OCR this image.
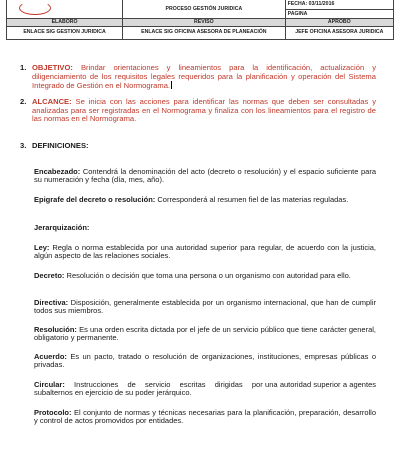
	PROCESO GESTIÓN JURIDICA	FECHA: 03/11/2016
		PAGINA
ELABORO	REVISÓ	APROBO
ENLACE SIG GESTION JURIDICA	ENLACE SIG OFICINA ASESORA DE PLANEACIÓN	JEFE OFICINA ASESORA JURIDICA
1. OBJETIVO: Brindar orientaciones y lineamientos para la identificación, actualización y diligenciamiento de los requisitos legales requeridos para la planificación y operación del Sistema Integrado de Gestión en el Normograma.

2. ALCANCE: Se inicia con las acciones para identificar las normas que deben ser consultadas y analizadas para ser registradas en el Normograma y finaliza con los lineamientos para el registro de las normas en el Normograma.

3. DEFINICIONES:

Encabezado: Contendrá la denominación del acto (decreto o resolución) y el espacio suficiente para su numeración y fecha (día, mes, año).

Epigrafe del decreto o resolución: Corresponderá al resumen fiel de las materias reguladas.

Jerarquización:

Ley: Regla o norma establecida por una autoridad superior para regular, de acuerdo con la justicia, algún aspecto de las relaciones sociales.

Decreto: Resolución o decisión que toma una persona o un organismo con autoridad para ello.

Directiva: Disposición, generalmente establecida por un organismo internacional, que han de cumplir todos sus miembros.

Resolución: Es una orden escrita dictada por el jefe de un servicio público que tiene carácter general, obligatorio y permanente.

Acuerdo: Es un pacto, tratado o resolución de organizaciones, instituciones, empresas públicas o privadas.

Circular:    Instrucciones    de    servicio    escritas    dirigidas    por una autoridad superior a agentes subalternos en ejercicio de su poder jerárquico.

Protocolo: El conjunto de normas y técnicas necesarias para la planificación, preparación, desarrollo y control de actos promovidos por entidades.
